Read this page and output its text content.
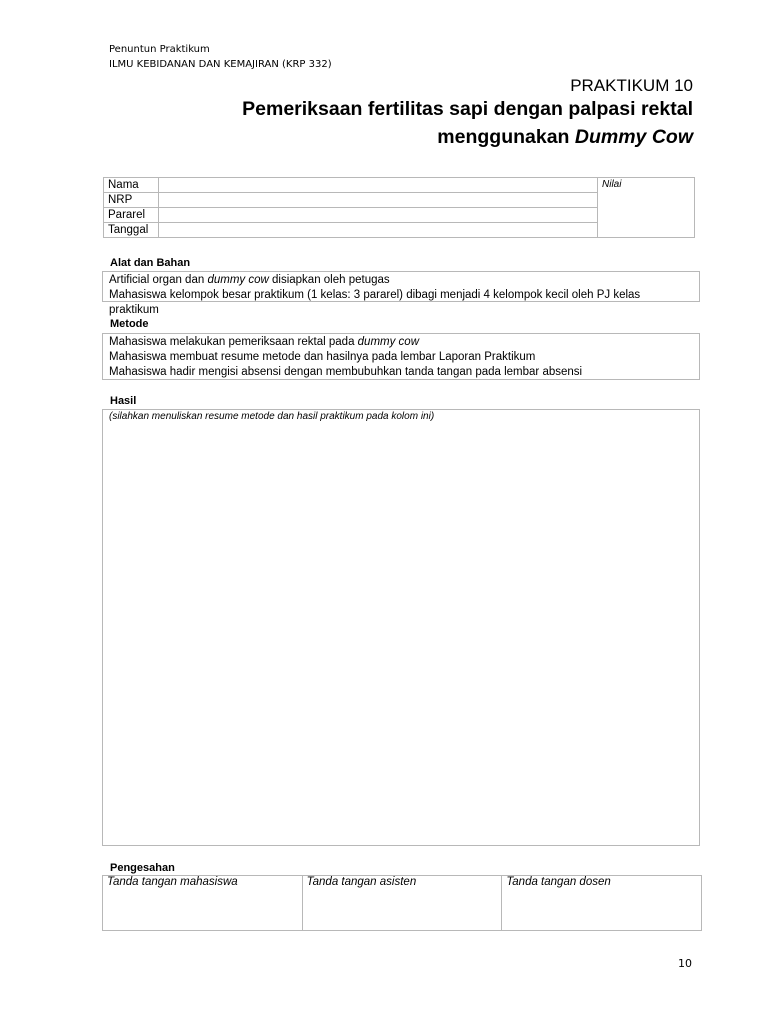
Penuntun Praktikum
ILMU KEBIDANAN DAN KEMAJIRAN (KRP 332)
PRAKTIKUM 10
Pemeriksaan fertilitas sapi dengan palpasi rektal
menggunakan Dummy Cow
Nama		Nilai
NRP		
Pararel		
Tanggal		
Alat dan Bahan
Artificial organ dan dummy cow disiapkan oleh petugas
Mahasiswa kelompok besar praktikum (1 kelas: 3 pararel) dibagi menjadi 4 kelompok kecil oleh PJ kelas praktikum
Metode
Mahasiswa melakukan pemeriksaan rektal pada dummy cow
Mahasiswa membuat resume metode dan hasilnya pada lembar Laporan Praktikum
Mahasiswa hadir mengisi absensi dengan membubuhkan tanda tangan pada lembar absensi
Hasil
(silahkan menuliskan resume metode dan hasil praktikum pada kolom ini)
Pengesahan
Tanda tangan mahasiswa	Tanda tangan asisten	Tanda tangan dosen
10
